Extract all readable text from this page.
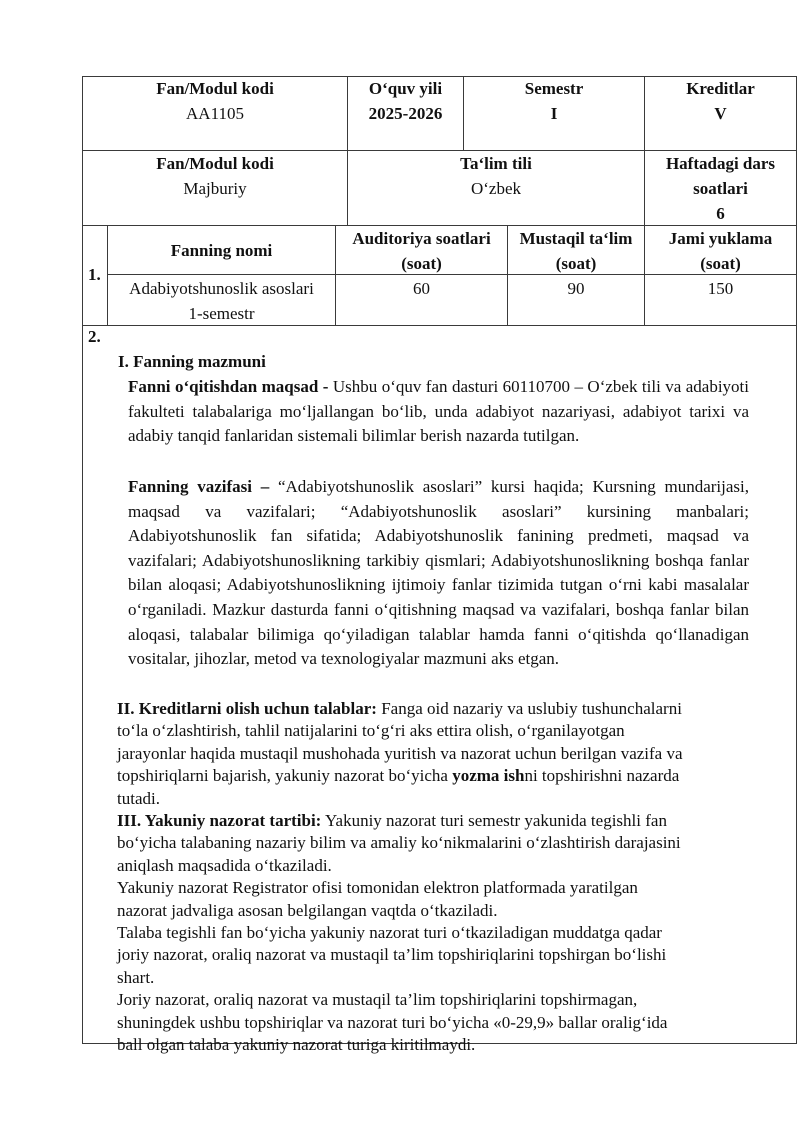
Fan/Modul kodi
AA1105
O‘quv yili
2025-2026
Semestr
I
Kreditlar
V
Fan/Modul kodi
Majburiy
Ta‘lim tili
O‘zbek
Haftadagi dars
soatlari
6
1.
Fanning nomi
Auditoriya soatlari
(soat)
Mustaqil ta‘lim
(soat)
Jami yuklama
(soat)
Adabiyotshunoslik asoslari
1-semestr
60	90	150
2.
I. Fanning mazmuni
Fanni o‘qitishdan maqsad - Ushbu o‘quv fan dasturi 60110700 – O‘zbek tili va adabiyoti fakulteti talabalariga mo‘ljallangan bo‘lib, unda adabiyot nazariyasi, adabiyot tarixi va adabiy tanqid fanlaridan sistemali bilimlar berish nazarda tutilgan.
Fanning vazifasi – “Adabiyotshunoslik asoslari” kursi haqida; Kursning mundarijasi, maqsad va vazifalari; “Adabiyotshunoslik asoslari” kursining manbalari; Adabiyotshunoslik fan sifatida; Adabiyotshunoslik fanining predmeti, maqsad va vazifalari; Adabiyotshunoslikning tarkibiy qismlari; Adabiyotshunoslikning boshqa fanlar bilan aloqasi; Adabiyotshunoslikning ijtimoiy fanlar tizimida tutgan o‘rni kabi masalalar o‘rganiladi. Mazkur dasturda fanni o‘qitishning maqsad va vazifalari, boshqa fanlar bilan aloqasi, talabalar bilimiga qo‘yiladigan talablar hamda fanni o‘qitishda qo‘llanadigan vositalar, jihozlar, metod va texnologiyalar mazmuni aks etgan.
II. Kreditlarni olish uchun talablar: Fanga oid nazariy va uslubiy tushunchalarni
to‘la o‘zlashtirish, tahlil natijalarini to‘g‘ri aks ettira olish, o‘rganilayotgan
jarayonlar haqida mustaqil mushohada yuritish va nazorat uchun berilgan vazifa va
topshiriqlarni bajarish, yakuniy nazorat bo‘yicha yozma ishni topshirishni nazarda
tutadi.
III. Yakuniy nazorat tartibi: Yakuniy nazorat turi semestr yakunida tegishli fan
bo‘yicha talabaning nazariy bilim va amaliy ko‘nikmalarini o‘zlashtirish darajasini
aniqlash maqsadida o‘tkaziladi.
Yakuniy nazorat Registrator ofisi tomonidan elektron platformada yaratilgan
nazorat jadvaliga asosan belgilangan vaqtda o‘tkaziladi.
Talaba tegishli fan bo‘yicha yakuniy nazorat turi o‘tkaziladigan muddatga qadar
joriy nazorat, oraliq nazorat va mustaqil ta’lim topshiriqlarini topshirgan bo‘lishi
shart.
Joriy nazorat, oraliq nazorat va mustaqil ta’lim topshiriqlarini topshirmagan,
shuningdek ushbu topshiriqlar va nazorat turi bo‘yicha «0-29,9» ballar oralig‘ida
ball olgan talaba yakuniy nazorat turiga kiritilmaydi.
